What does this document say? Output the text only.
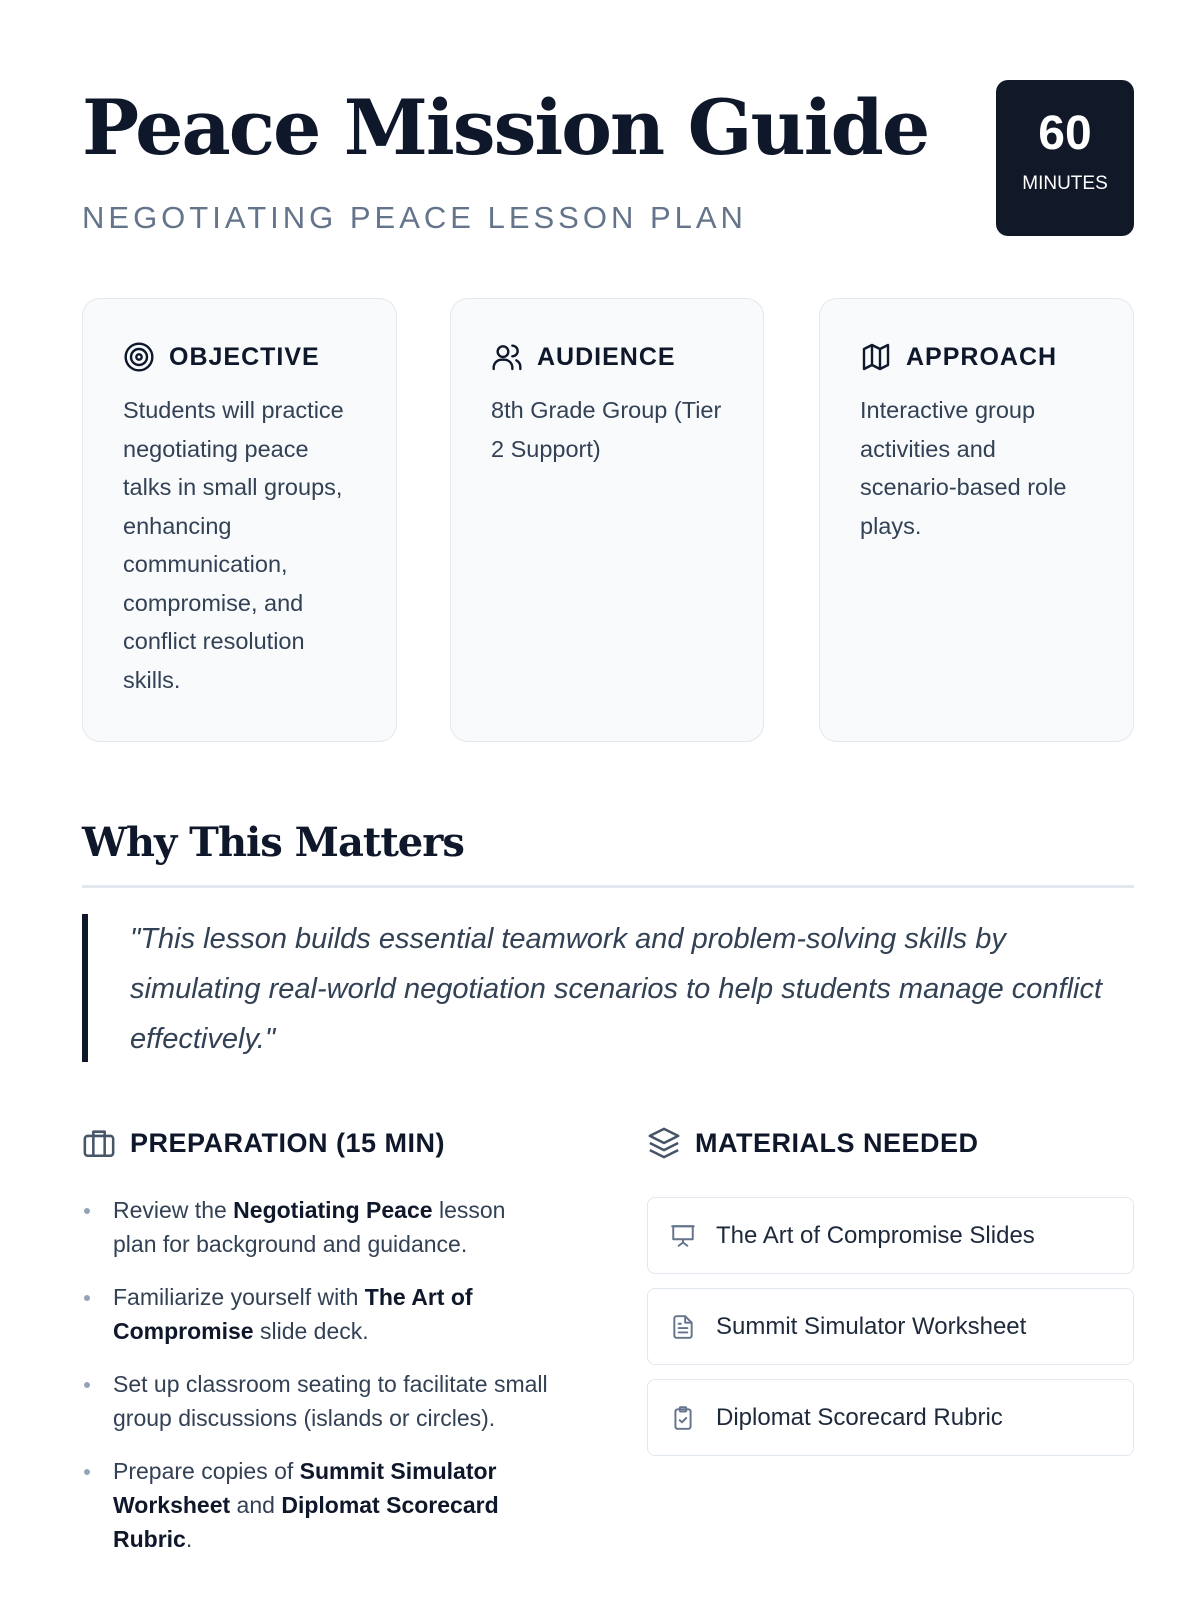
Peace Mission Guide
NEGOTIATING PEACE LESSON PLAN
60
MINUTES
OBJECTIVE

Students will practice negotiating peace talks in small groups, enhancing communication, compromise, and conflict resolution skills.

AUDIENCE

8th Grade Group (Tier 2 Support)

APPROACH

Interactive group activities and scenario-based role plays.

Why This Matters
"This lesson builds essential teamwork and problem-solving skills by simulating real-world negotiation scenarios to help students manage conflict effectively."
PREPARATION (15 MIN)
Review the Negotiating Peace lesson plan for background and guidance.
Familiarize yourself with The Art of Compromise slide deck.
Set up classroom seating to facilitate small group discussions (islands or circles).
Prepare copies of Summit Simulator Worksheet and Diplomat Scorecard Rubric.
MATERIALS NEEDED
The Art of Compromise Slides
Summit Simulator Worksheet
Diplomat Scorecard Rubric
